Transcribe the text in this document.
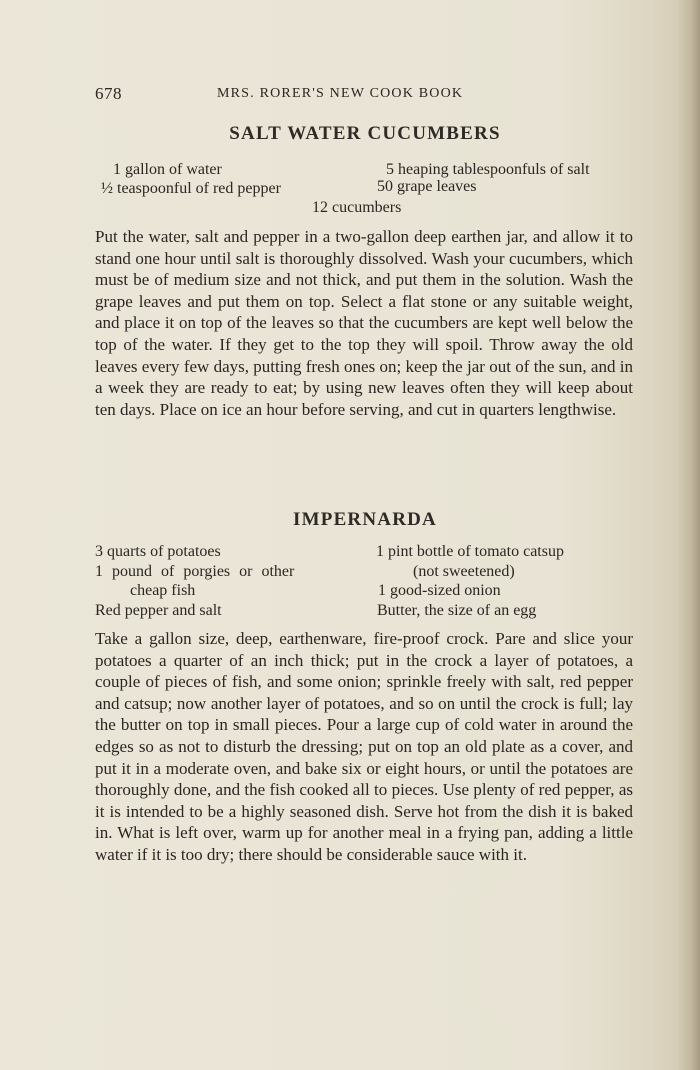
678	MRS. RORER'S NEW COOK BOOK
SALT WATER CUCUMBERS
1 gallon of water	5 heaping tablespoonfuls of salt
½ teaspoonful of red pepper	50 grape leaves
12 cucumbers

Put the water, salt and pepper in a two-gallon deep earthen jar, and allow it to stand one hour until salt is thoroughly dissolved. Wash your cucumbers, which must be of medium size and not thick, and put them in the solution. Wash the grape leaves and put them on top. Select a flat stone or any suitable weight, and place it on top of the leaves so that the cucumbers are kept well below the top of the water. If they get to the top they will spoil. Throw away the old leaves every few days, putting fresh ones on; keep the jar out of the sun, and in a week they are ready to eat; by using new leaves often they will keep about ten days. Place on ice an hour before serving, and cut in quarters lengthwise.

IMPERNARDA
3 quarts of potatoes	1 pint bottle of tomato catsup
1 pound of porgies or other	(not sweetened)
cheap fish	1 good-sized onion
Red pepper and salt	Butter, the size of an egg

Take a gallon size, deep, earthenware, fire-proof crock. Pare and slice your potatoes a quarter of an inch thick; put in the crock a layer of potatoes, a couple of pieces of fish, and some onion; sprinkle freely with salt, red pepper and catsup; now another layer of potatoes, and so on until the crock is full; lay the butter on top in small pieces. Pour a large cup of cold water in around the edges so as not to disturb the dressing; put on top an old plate as a cover, and put it in a moderate oven, and bake six or eight hours, or until the potatoes are thoroughly done, and the fish cooked all to pieces. Use plenty of red pepper, as it is intended to be a highly seasoned dish. Serve hot from the dish it is baked in. What is left over, warm up for another meal in a frying pan, adding a little water if it is too dry; there should be considerable sauce with it.
